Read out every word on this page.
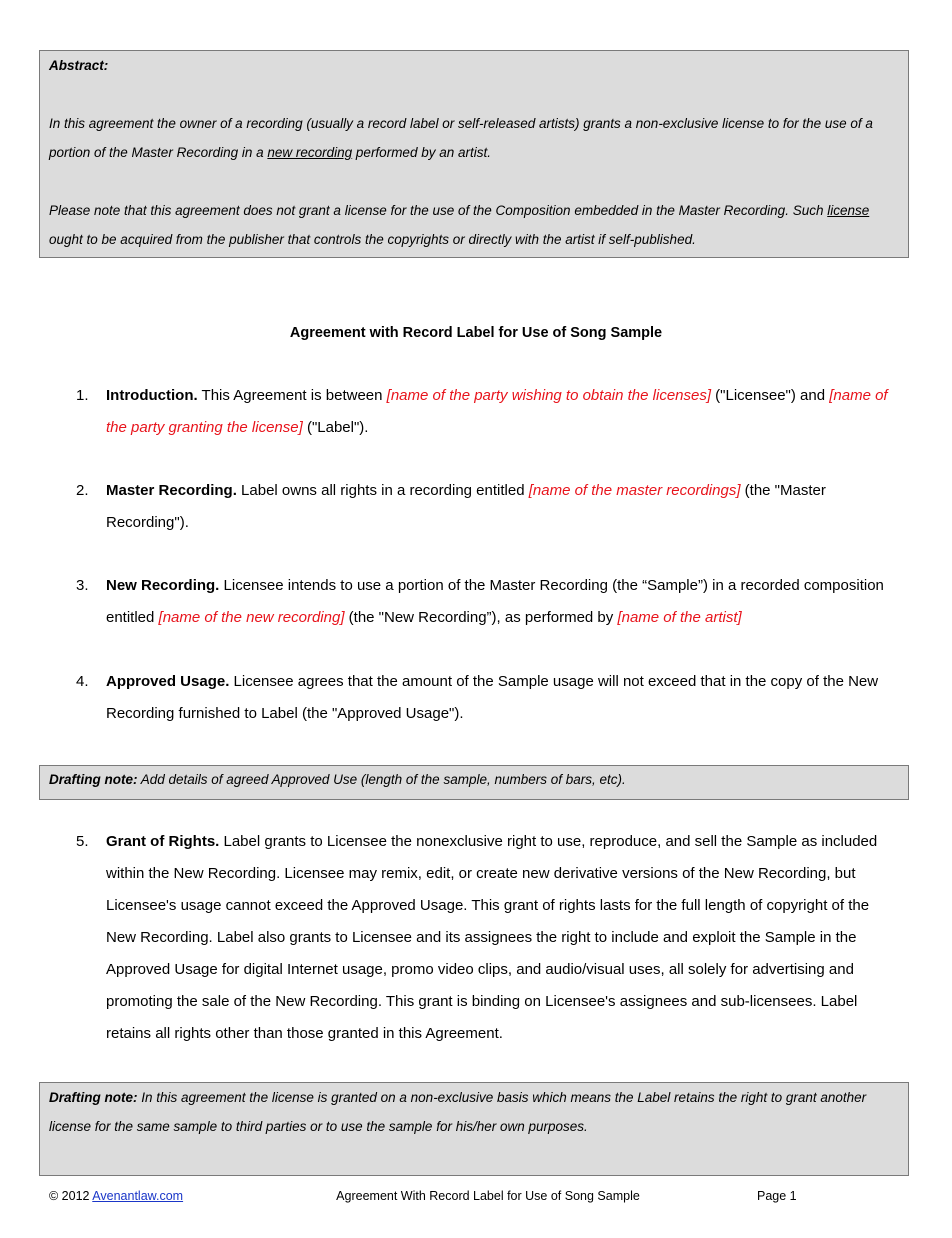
Abstract:

In this agreement the owner of a recording (usually a record label or self-released artists) grants a non-exclusive license to for the use of a portion of the Master Recording in a new recording performed by an artist.

Please note that this agreement does not grant a license for the use of the Composition embedded in the Master Recording. Such license ought to be acquired from the publisher that controls the copyrights or directly with the artist if self-published.

Agreement with Record Label for Use of Song Sample
1.	Introduction. This Agreement is between [name of the party wishing to obtain the licenses] ("Licensee") and [name of the party granting the license] ("Label").
2.	Master Recording. Label owns all rights in a recording entitled [name of the master recordings] (the "Master Recording").
3.	New Recording. Licensee intends to use a portion of the Master Recording (the “Sample”) in a recorded composition entitled [name of the new recording] (the "New Recording”), as performed by [name of the artist]
4.	Approved Usage. Licensee agrees that the amount of the Sample usage will not exceed that in the copy of the New Recording furnished to Label (the "Approved Usage").

Drafting note: Add details of agreed Approved Use (length of the sample, numbers of bars, etc).

5.	Grant of Rights. Label grants to Licensee the nonexclusive right to use, reproduce, and sell the Sample as included within the New Recording. Licensee may remix, edit, or create new derivative versions of the New Recording, but Licensee's usage cannot exceed the Approved Usage. This grant of rights lasts for the full length of copyright of the New Recording. Label also grants to Licensee and its assignees the right to include and exploit the Sample in the Approved Usage for digital Internet usage, promo video clips, and audio/visual uses, all solely for advertising and promoting the sale of the New Recording. This grant is binding on Licensee's assignees and sub-licensees. Label retains all rights other than those granted in this Agreement.

Drafting note: In this agreement the license is granted on a non-exclusive basis which means the Label retains the right to grant another license for the same sample to third parties or to use the sample for his/her own purposes.

© 2012 Avenantlaw.com	Agreement With Record Label for Use of Song Sample	Page 1
